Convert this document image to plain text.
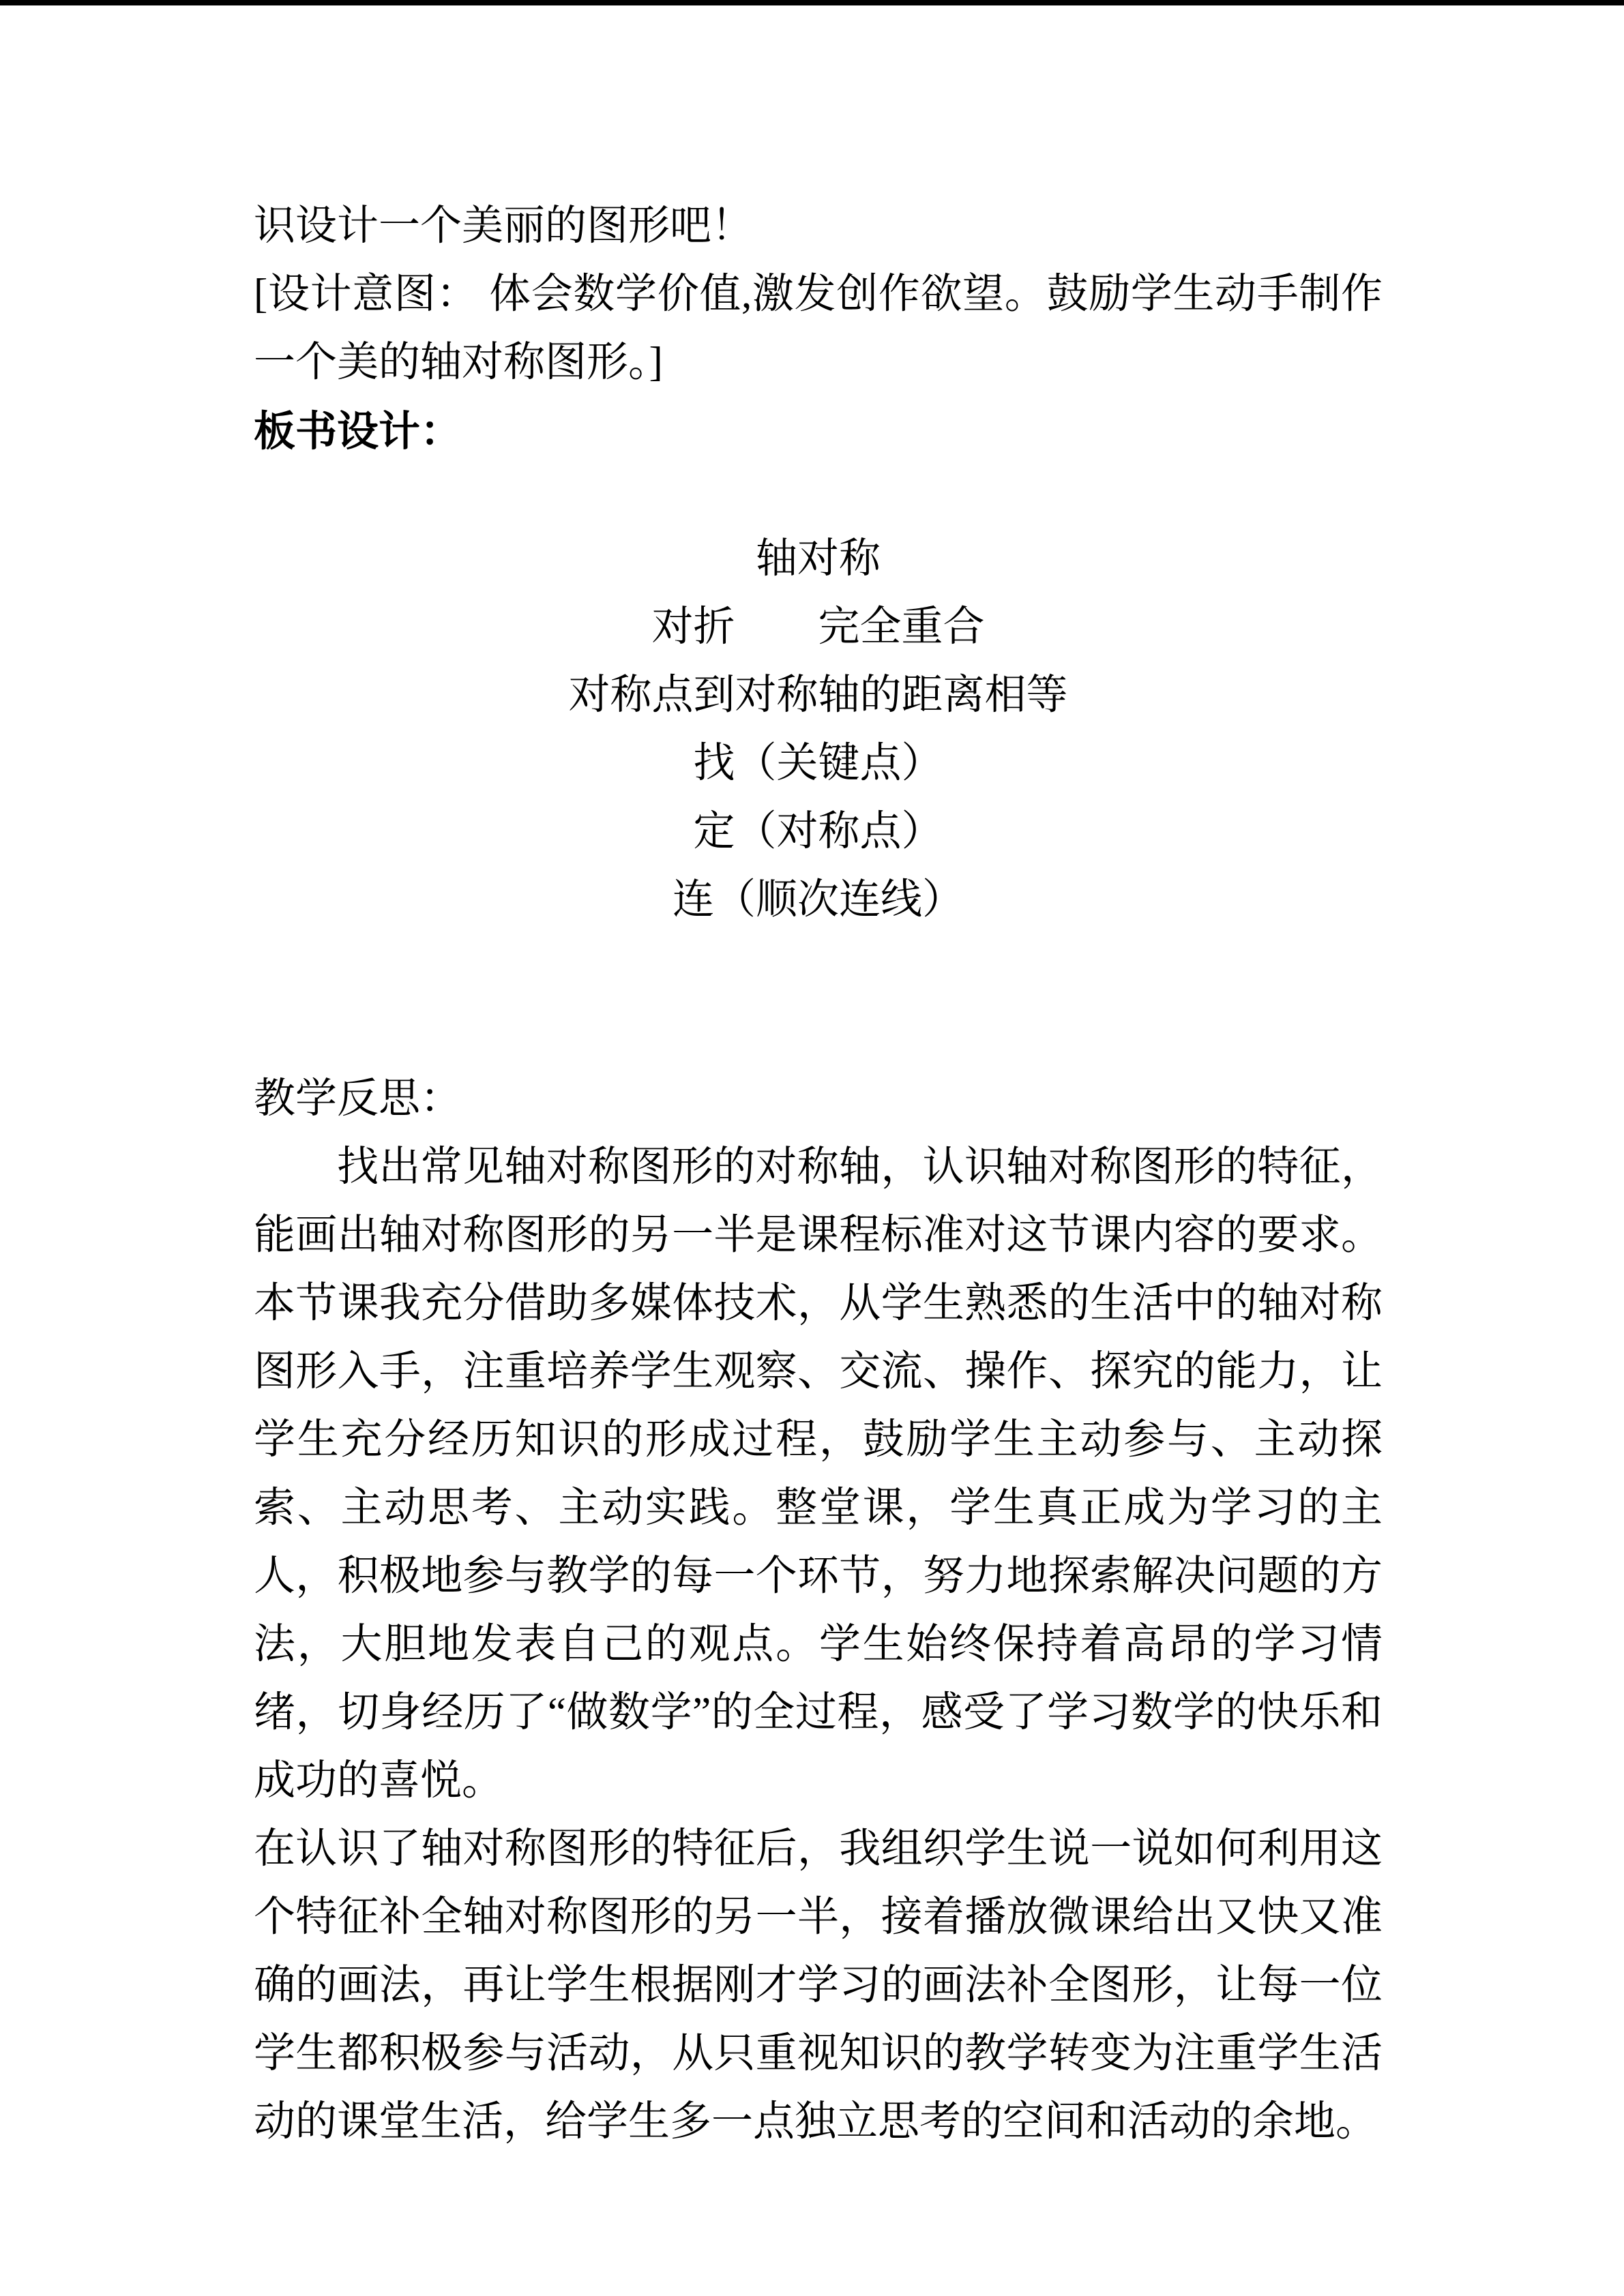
识设计一个美丽的图形吧！

[设计意图： 体会数学价值,激发创作欲望。鼓励学生动手制作一个美的轴对称图形。]

板书设计：

轴对称

对折　　完全重合

对称点到对称轴的距离相等

找（关键点）

定（对称点）

连（顺次连线）

教学反思：

找出常见轴对称图形的对称轴，认识轴对称图形的特征，能画出轴对称图形的另一半是课程标准对这节课内容的要求。本节课我充分借助多媒体技术，从学生熟悉的生活中的轴对称图形入手，注重培养学生观察、交流、操作、探究的能力，让学生充分经历知识的形成过程，鼓励学生主动参与、主动探索、主动思考、主动实践。整堂课，学生真正成为学习的主人，积极地参与教学的每一个环节，努力地探索解决问题的方法，大胆地发表自己的观点。学生始终保持着高昂的学习情绪，切身经历了“做数学”的全过程，感受了学习数学的快乐和成功的喜悦。

在认识了轴对称图形的特征后，我组织学生说一说如何利用这个特征补全轴对称图形的另一半，接着播放微课给出又快又准确的画法，再让学生根据刚才学习的画法补全图形，让每一位学生都积极参与活动，从只重视知识的教学转变为注重学生活动的课堂生活，给学生多一点独立思考的空间和活动的余地。
